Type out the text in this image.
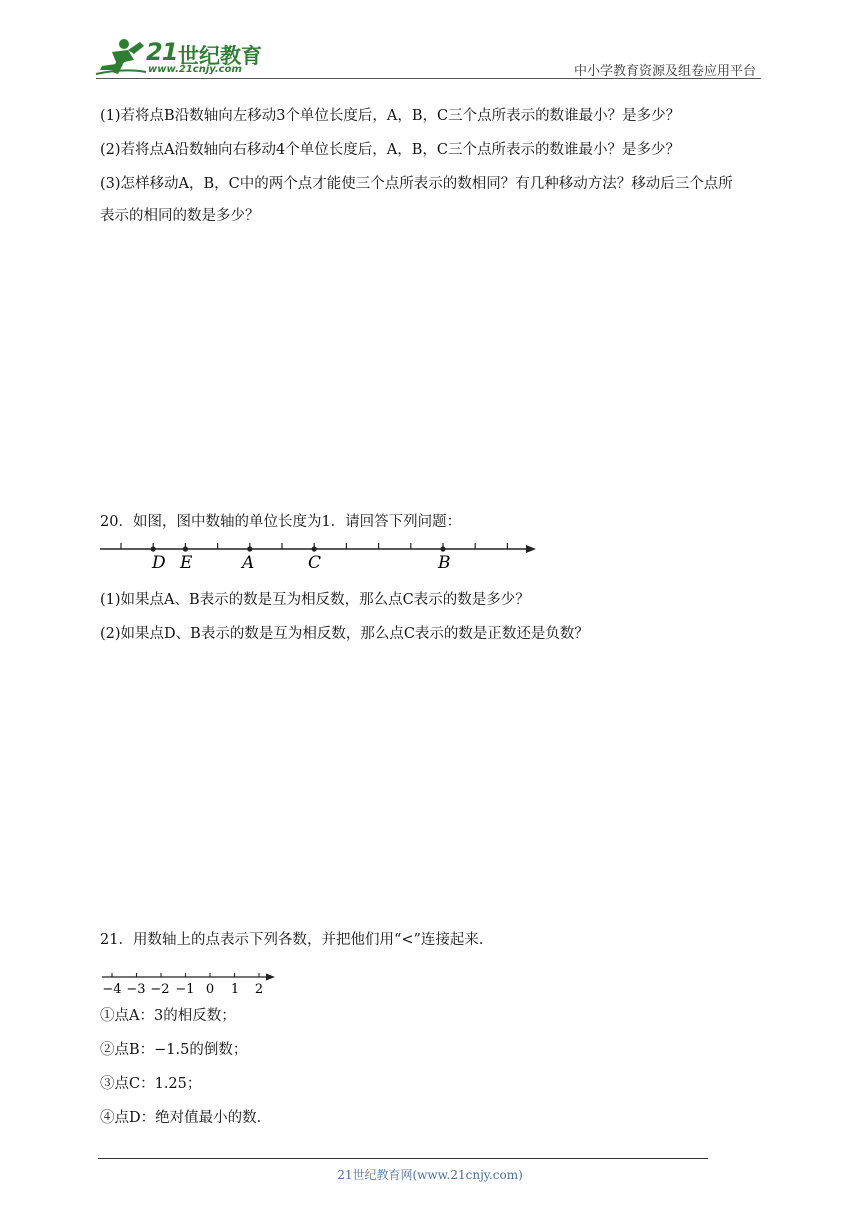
21 世纪教育
www.21cnjy.com	中小学教育资源及组卷应用平台
(1)若将点B沿数轴向左移动3个单位长度后，A，B，C三个点所表示的数谁最小？是多少？
(2)若将点A沿数轴向右移动4个单位长度后，A，B，C三个点所表示的数谁最小？是多少？
(3)怎样移动A，B，C中的两个点才能使三个点所表示的数相同？有几种移动方法？移动后三个点所
表示的相同的数是多少？
20．如图，图中数轴的单位长度为1．请回答下列问题：
D E	A	C	B
(1)如果点A、B表示的数是互为相反数，那么点C表示的数是多少？
(2)如果点D、B表示的数是互为相反数，那么点C表示的数是正数还是负数？
21．用数轴上的点表示下列各数，并把他们用“<”连接起来．
−4 −3 −2 −1 0 1 2
①点A：3的相反数；
②点B：−1.5的倒数；
③点C：1.25；
④点D：绝对值最小的数．
21世纪教育网(www.21cnjy.com)
